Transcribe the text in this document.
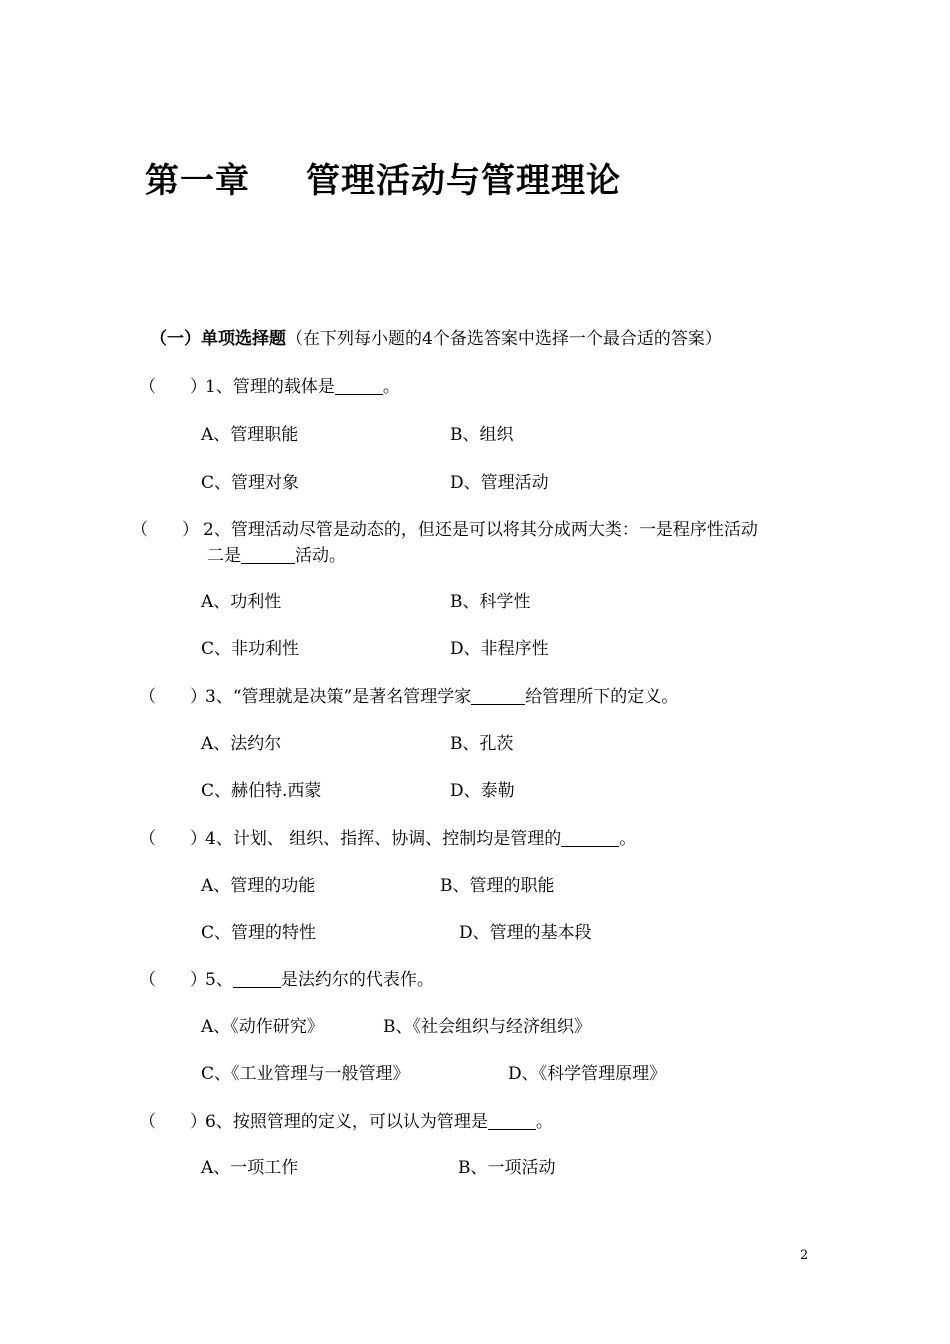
第一章 管理活动与管理理论
（一）单项选择题（在下列每小题的4个备选答案中选择一个最合适的答案）
（　　）1、管理的载体是	。
A、管理职能	B、组织
C、管理对象	D、管理活动
（　　） 2、管理活动尽管是动态的，但还是可以将其分成两大类：一是程序性活动
二是	活动。
A、功利性	B、科学性
C、非功利性	D、非程序性
（　　）3、“管理就是决策”是著名管理学家	给管理所下的定义。
A、法约尔	B、孔茨
C、赫伯特.西蒙	D、泰勒
（　　）4、计划、 组织、指挥、协调、控制均是管理的	。
A、管理的功能	B、管理的职能
C、管理的特性	D、管理的基本段
（　　）5、	是法约尔的代表作。
A、《动作研究》	B、《社会组织与经济组织》
C、《工业管理与一般管理》	D、《科学管理原理》
（　　）6、按照管理的定义，可以认为管理是	。
A、一项工作	B、一项活动
2
